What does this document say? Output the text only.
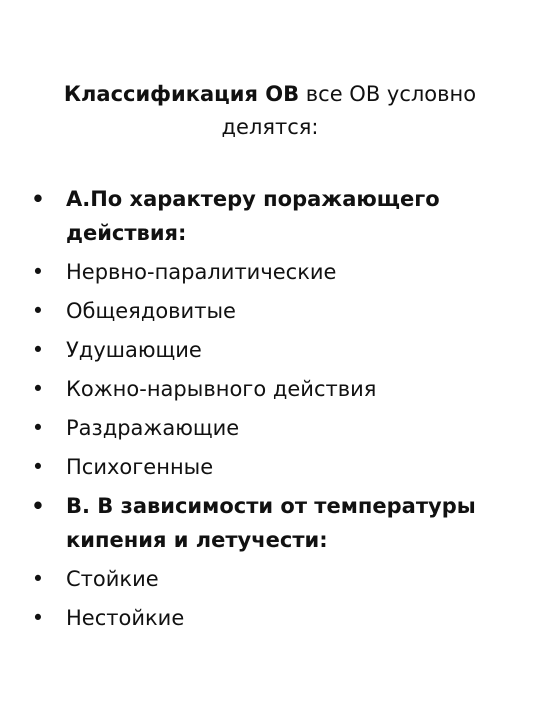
Классификация ОВ все ОВ условно делятся:
• А.По характеру поражающего действия:
• Нервно-паралитические
• Общеядовитые
• Удушающие
• Кожно-нарывного действия
• Раздражающие
• Психогенные
• В. В зависимости от температуры кипения и летучести:
• Стойкие
• Нестойкие
